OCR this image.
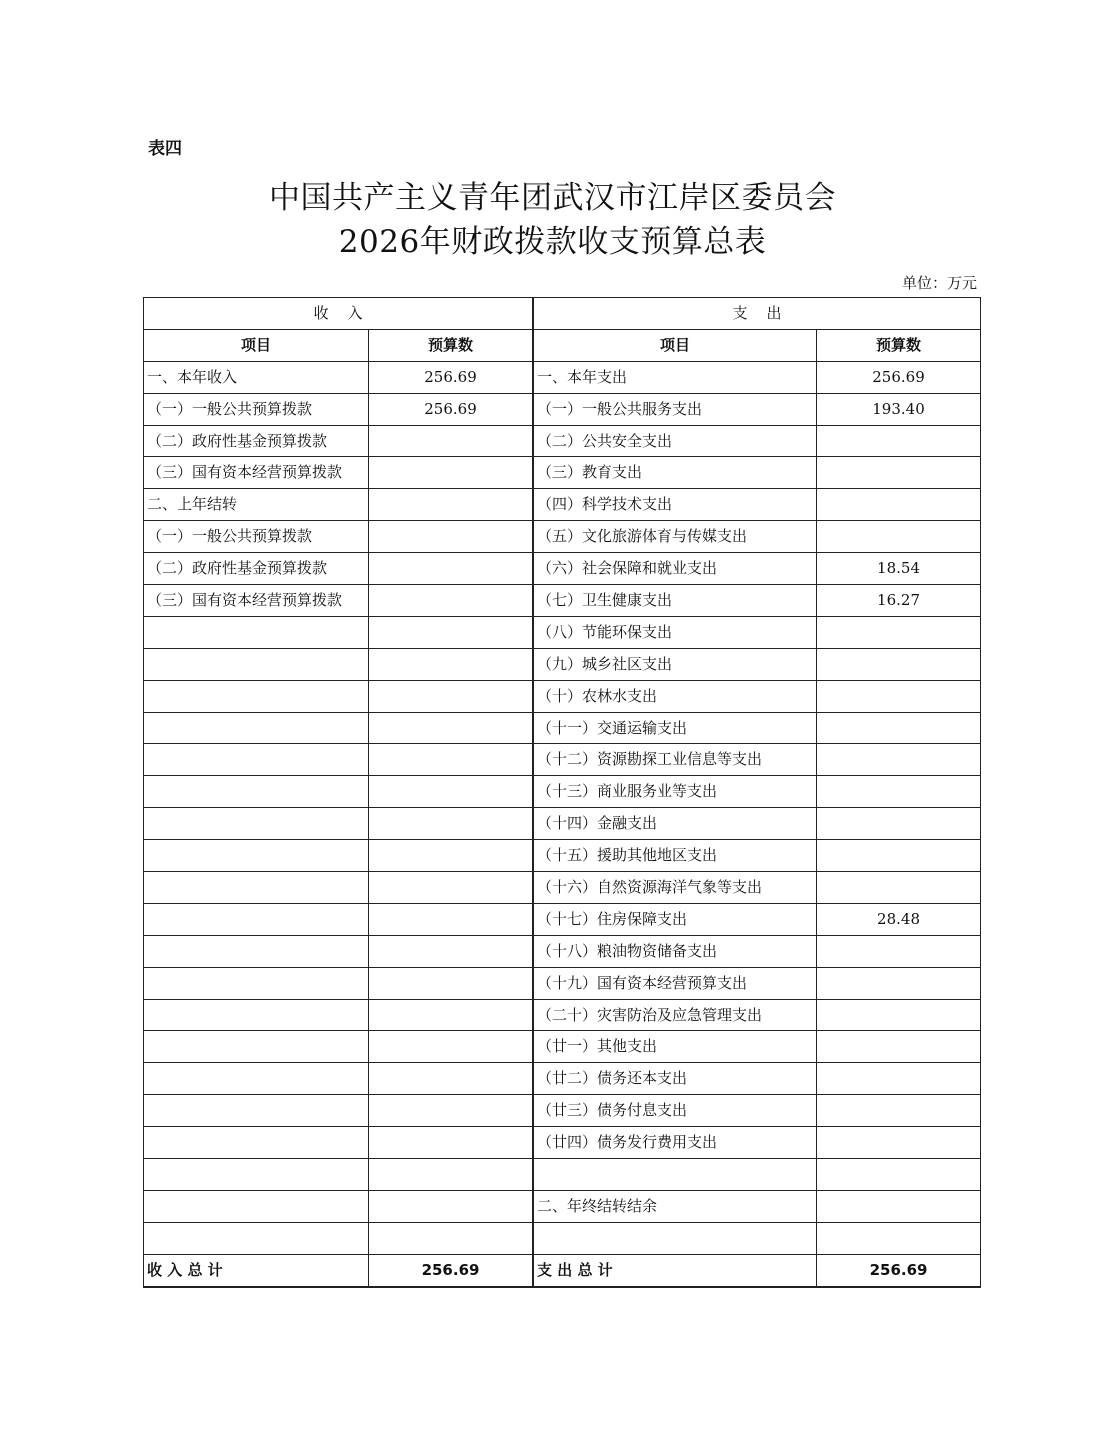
表四
中国共产主义青年团武汉市江岸区委员会
2026年财政拨款收支预算总表
单位：万元
收    入		支    出	
项目	预算数		项目	预算数
一、本年收入	256.69		一、本年支出	256.69
（一）一般公共预算拨款	256.69		（一）一般公共服务支出	193.40
（二）政府性基金预算拨款			（二）公共安全支出	
（三）国有资本经营预算拨款			（三）教育支出	
二、上年结转			（四）科学技术支出	
（一）一般公共预算拨款			（五）文化旅游体育与传媒支出	
（二）政府性基金预算拨款			（六）社会保障和就业支出	18.54
（三）国有资本经营预算拨款			（七）卫生健康支出	16.27
			（八）节能环保支出	
			（九）城乡社区支出	
			（十）农林水支出	
			（十一）交通运输支出	
			（十二）资源勘探工业信息等支出	
			（十三）商业服务业等支出	
			（十四）金融支出	
			（十五）援助其他地区支出	
			（十六）自然资源海洋气象等支出	
			（十七）住房保障支出	28.48
			（十八）粮油物资储备支出	
			（十九）国有资本经营预算支出	
			（二十）灾害防治及应急管理支出	
			（廿一）其他支出	
			（廿二）债务还本支出	
			（廿三）债务付息支出	
			（廿四）债务发行费用支出	

			二、年终结转结余	

收 入 总 计	256.69		支 出 总 计	256.69
